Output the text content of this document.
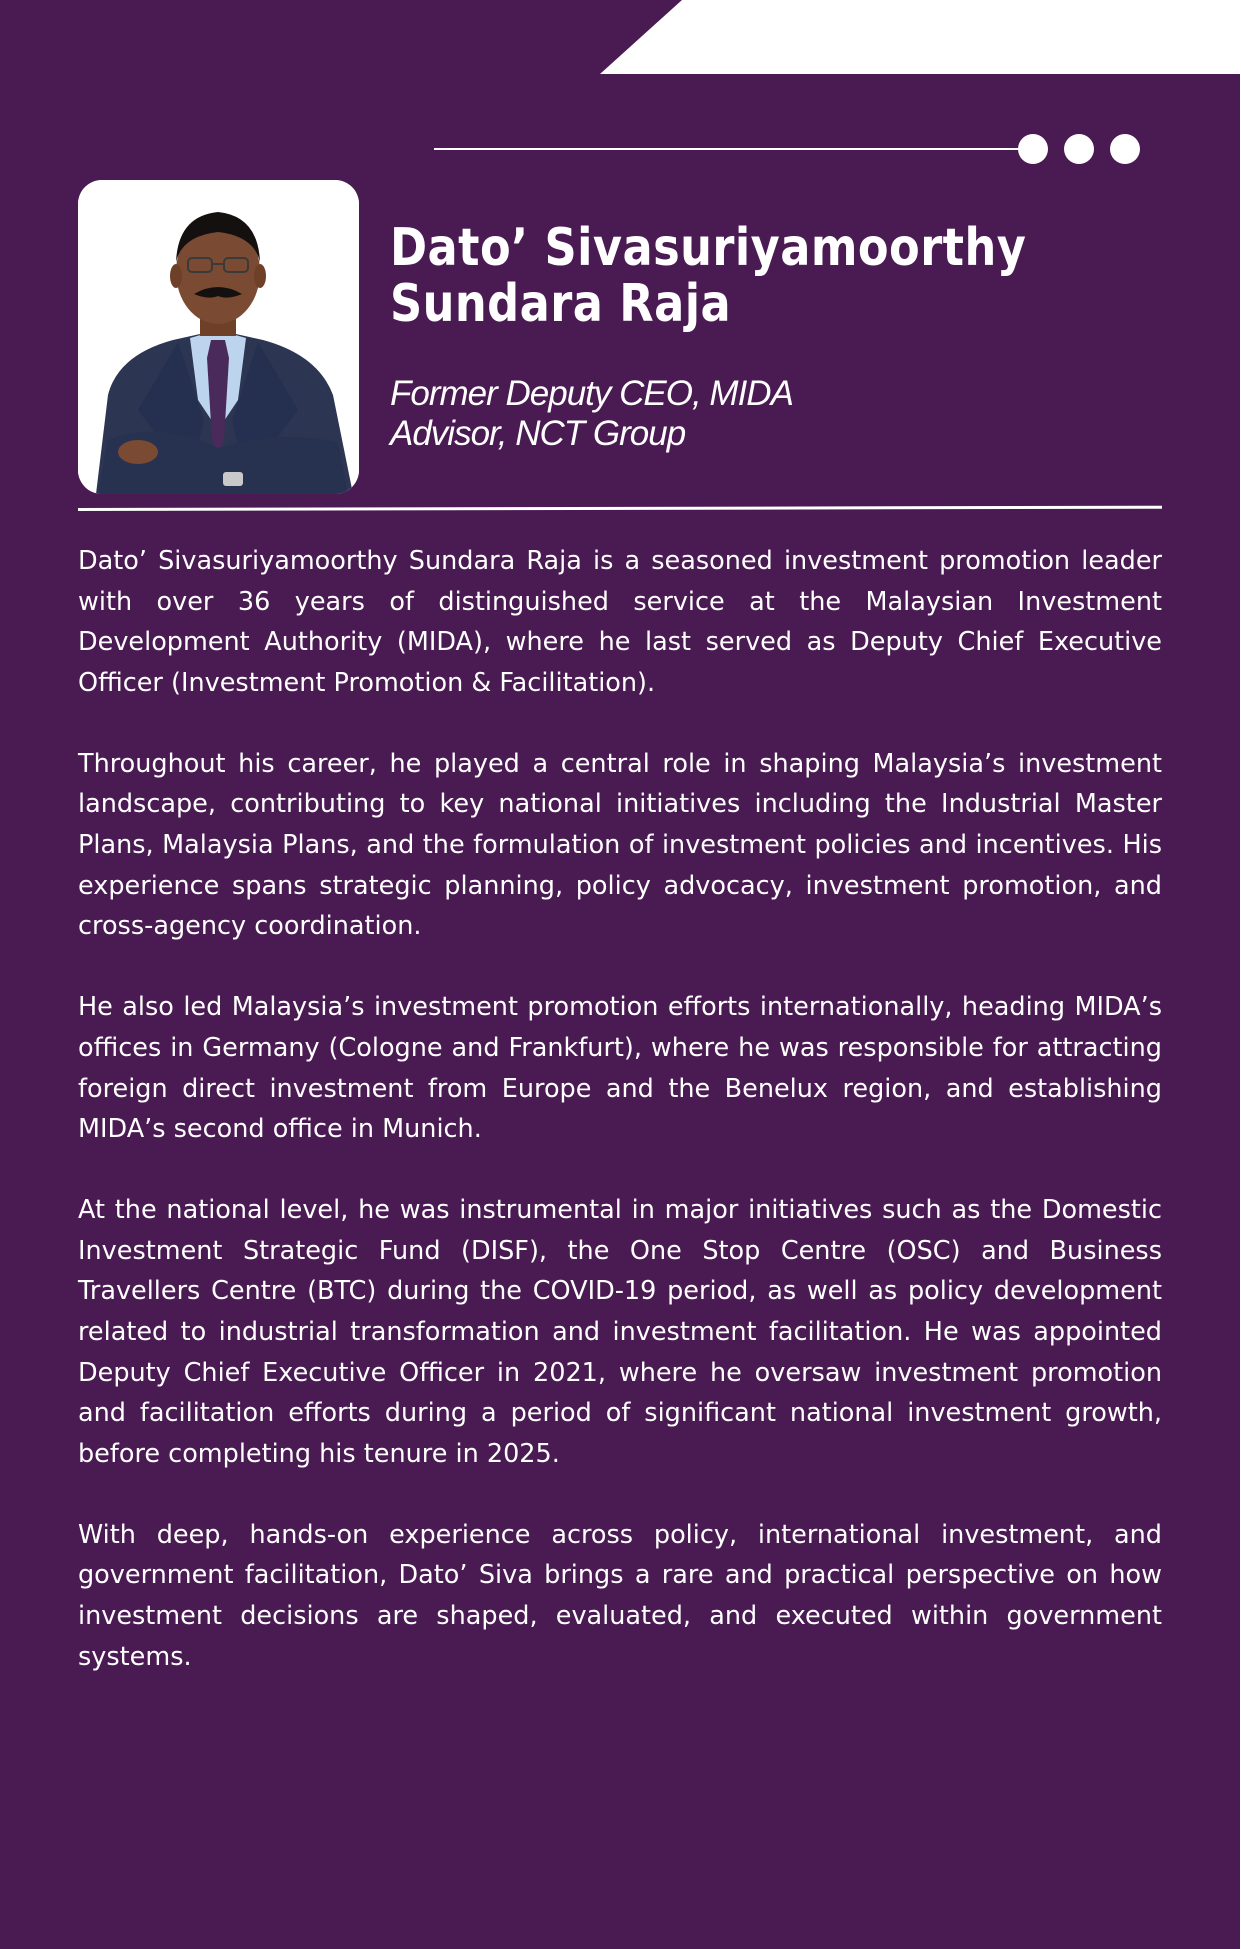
Dato’ Sivasuriyamoorthy Sundara Raja
Former Deputy CEO, MIDA
Advisor, NCT Group

Dato’ Sivasuriyamoorthy Sundara Raja is a seasoned investment promotion leader with over 36 years of distinguished service at the Malaysian Investment Development Authority (MIDA), where he last served as Deputy Chief Executive Officer (Investment Promotion & Facilitation).

Throughout his career, he played a central role in shaping Malaysia’s investment landscape, contributing to key national initiatives including the Industrial Master Plans, Malaysia Plans, and the formulation of investment policies and incentives. His experience spans strategic planning, policy advocacy, investment promotion, and cross-agency coordination.

He also led Malaysia’s investment promotion efforts internationally, heading MIDA’s offices in Germany (Cologne and Frankfurt), where he was responsible for attracting foreign direct investment from Europe and the Benelux region, and establishing MIDA’s second office in Munich.

At the national level, he was instrumental in major initiatives such as the Domestic Investment Strategic Fund (DISF), the One Stop Centre (OSC) and Business Travellers Centre (BTC) during the COVID-19 period, as well as policy development related to industrial transformation and investment facilitation. He was appointed Deputy Chief Executive Officer in 2021, where he oversaw investment promotion and facilitation efforts during a period of significant national investment growth, before completing his tenure in 2025.

With deep, hands-on experience across policy, international investment, and government facilitation, Dato’ Siva brings a rare and practical perspective on how investment decisions are shaped, evaluated, and executed within government systems.
